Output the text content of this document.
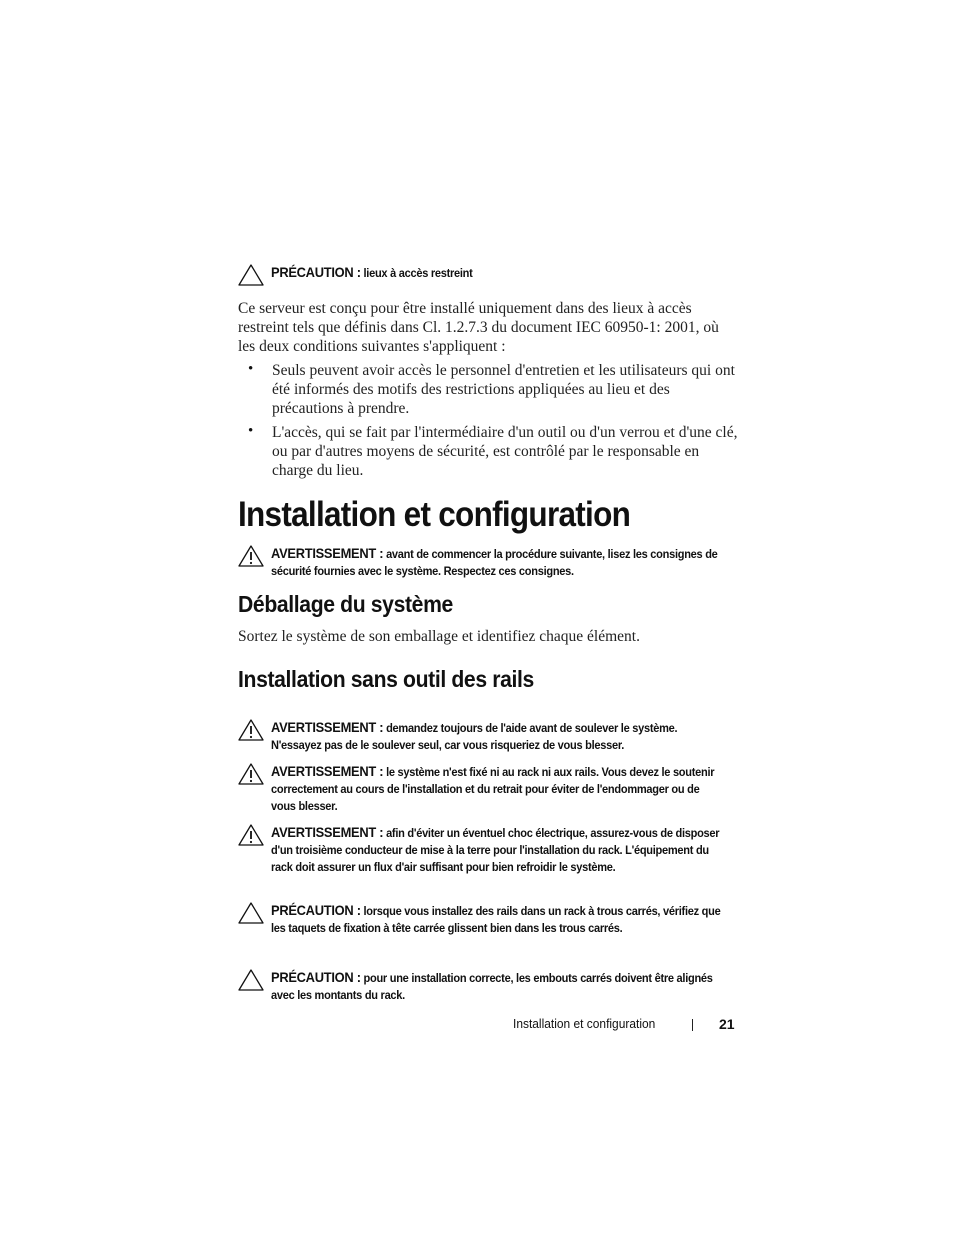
PRÉCAUTION : lieux à accès restreint
Ce serveur est conçu pour être installé uniquement dans des lieux à accès restreint tels que définis dans Cl. 1.2.7.3 du document IEC 60950-1: 2001, où les deux conditions suivantes s'appliquent :
• Seuls peuvent avoir accès le personnel d'entretien et les utilisateurs qui ont été informés des motifs des restrictions appliquées au lieu et des précautions à prendre.
• L'accès, qui se fait par l'intermédiaire d'un outil ou d'un verrou et d'une clé, ou par d'autres moyens de sécurité, est contrôlé par le responsable en charge du lieu.
Installation et configuration
AVERTISSEMENT : avant de commencer la procédure suivante, lisez les consignes de sécurité fournies avec le système. Respectez ces consignes.
Déballage du système
Sortez le système de son emballage et identifiez chaque élément.
Installation sans outil des rails
AVERTISSEMENT : demandez toujours de l'aide avant de soulever le système. N'essayez pas de le soulever seul, car vous risqueriez de vous blesser.
AVERTISSEMENT : le système n'est fixé ni au rack ni aux rails. Vous devez le soutenir correctement au cours de l'installation et du retrait pour éviter de l'endommager ou de vous blesser.
AVERTISSEMENT : afin d'éviter un éventuel choc électrique, assurez-vous de disposer d'un troisième conducteur de mise à la terre pour l'installation du rack. L'équipement du rack doit assurer un flux d'air suffisant pour bien refroidir le système.
PRÉCAUTION : lorsque vous installez des rails dans un rack à trous carrés, vérifiez que les taquets de fixation à tête carrée glissent bien dans les trous carrés.
PRÉCAUTION : pour une installation correcte, les embouts carrés doivent être alignés avec les montants du rack.
Installation et configuration	21
